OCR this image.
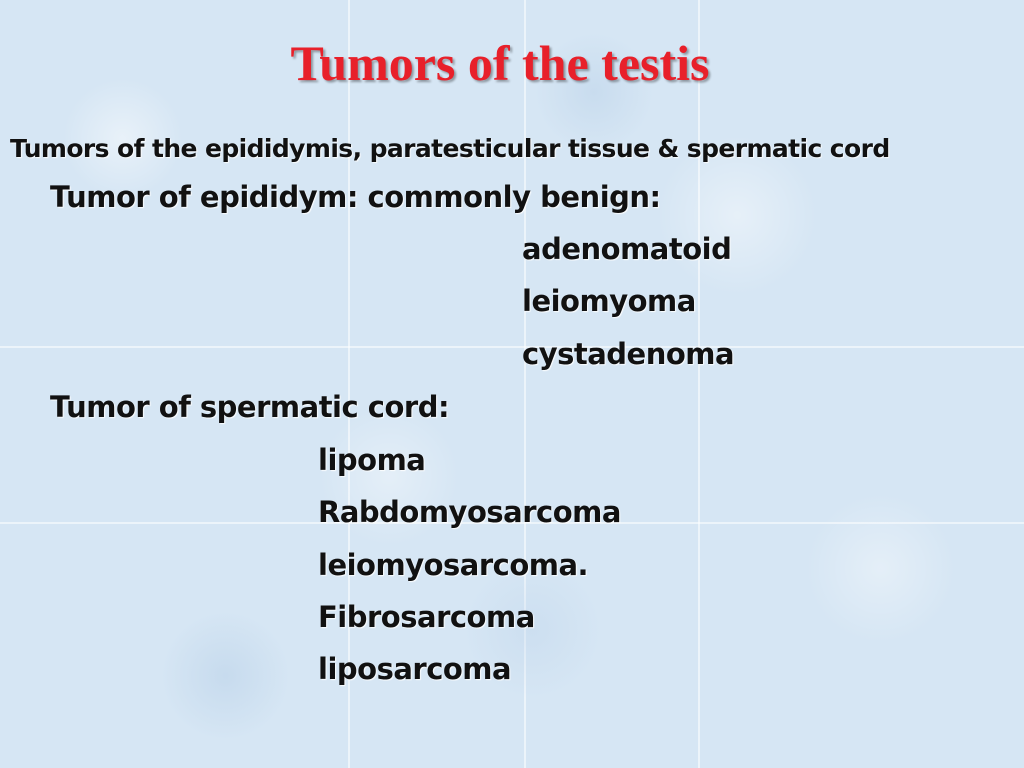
Tumors of the testis

Tumors of the epididymis, paratesticular tissue & spermatic cord

Tumor of epididym: commonly benign:

adenomatoid

leiomyoma

cystadenoma

Tumor of spermatic cord:

lipoma

Rabdomyosarcoma

leiomyosarcoma.

Fibrosarcoma

liposarcoma
